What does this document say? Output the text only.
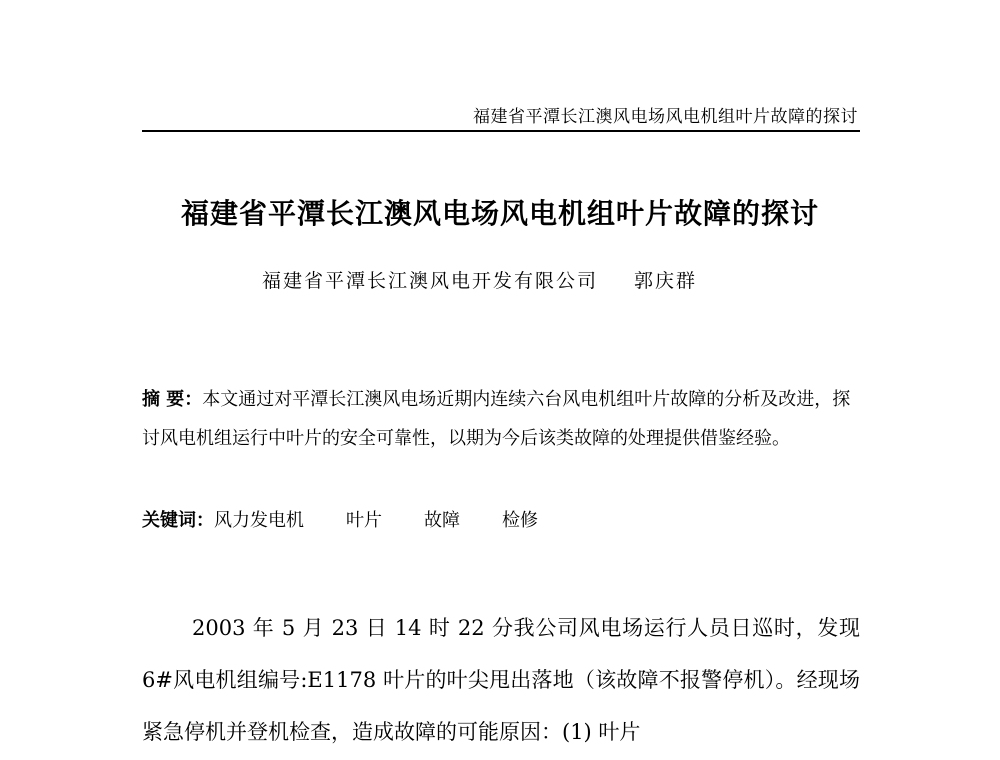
福建省平潭长江澳风电场风电机组叶片故障的探讨
福建省平潭长江澳风电场风电机组叶片故障的探讨
福建省平潭长江澳风电开发有限公司 郭庆群
摘 要：本文通过对平潭长江澳风电场近期内连续六台风电机组叶片故障的分析及改进，探讨风电机组运行中叶片的安全可靠性，以期为今后该类故障的处理提供借鉴经验。
关键词：风力发电机 叶片 故障 检修
2003 年 5 月 23 日 14 时 22 分我公司风电场运行人员日巡时，发现 6#风电机组编号:E1178 叶片的叶尖甩出落地（该故障不报警停机）。经现场紧急停机并登机检查，造成故障的可能原因：(1) 叶片
